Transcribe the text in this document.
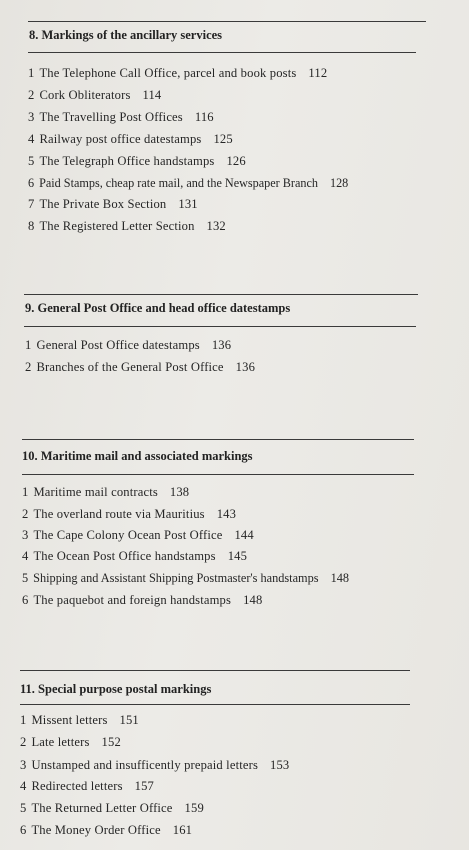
8. Markings of the ancillary services
1 The Telephone Call Office, parcel and book posts 112
2 Cork Obliterators 114
3 The Travelling Post Offices 116
4 Railway post office datestamps 125
5 The Telegraph Office handstamps 126
6 Paid Stamps, cheap rate mail, and the Newspaper Branch 128
7 The Private Box Section 131
8 The Registered Letter Section 132
9. General Post Office and head office datestamps
1 General Post Office datestamps 136
2 Branches of the General Post Office 136
10. Maritime mail and associated markings
1 Maritime mail contracts 138
2 The overland route via Mauritius 143
3 The Cape Colony Ocean Post Office 144
4 The Ocean Post Office handstamps 145
5 Shipping and Assistant Shipping Postmaster's handstamps 148
6 The paquebot and foreign handstamps 148
11. Special purpose postal markings
1 Missent letters 151
2 Late letters 152
3 Unstamped and insufficently prepaid letters 153
4 Redirected letters 157
5 The Returned Letter Office 159
6 The Money Order Office 161
